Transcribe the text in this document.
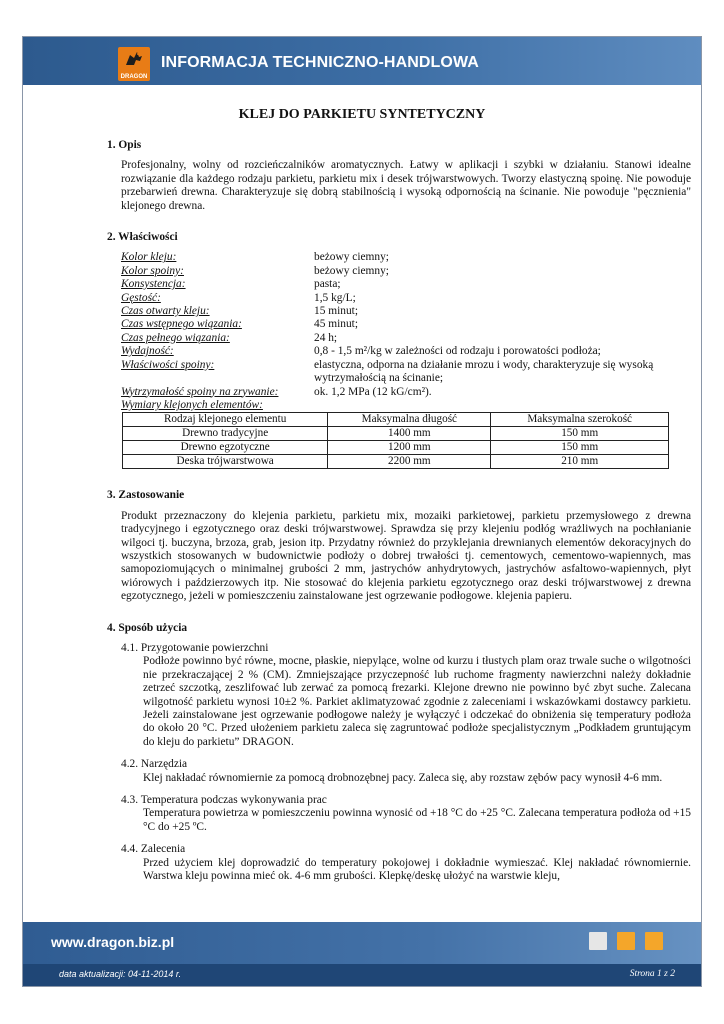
DRAGON
INFORMACJA TECHNICZNO-HANDLOWA
KLEJ DO PARKIETU SYNTETYCZNY
1. Opis
Profesjonalny, wolny od rozcieńczalników aromatycznych. Łatwy w aplikacji i szybki w działaniu. Stanowi idealne rozwiązanie dla każdego rodzaju parkietu, parkietu mix i desek trójwarstwowych. Tworzy elastyczną spoinę. Nie powoduje przebarwień drewna. Charakteryzuje się dobrą stabilnością i wysoką odpornością na ścinanie. Nie powoduje "pęcznienia" klejonego drewna.
2. Właściwości
Kolor kleju:	beżowy ciemny;
Kolor spoiny:	beżowy ciemny;
Konsystencja:	pasta;
Gęstość:	1,5 kg/L;
Czas otwarty kleju:	15 minut;
Czas wstępnego wiązania:	45 minut;
Czas pełnego wiązania:	24 h;
Wydajność:	0,8 - 1,5 m²/kg w zależności od rodzaju i porowatości podłoża;
Właściwości spoiny:	elastyczna, odporna na działanie mrozu i wody, charakteryzuje się wysoką wytrzymałością na ścinanie;
Wytrzymałość spoiny na zrywanie:	ok. 1,2 MPa (12 kG/cm²).
Wymiary klejonych elementów:
Rodzaj klejonego elementu	Maksymalna długość	Maksymalna szerokość
Drewno tradycyjne	1400 mm	150 mm
Drewno egzotyczne	1200 mm	150 mm
Deska trójwarstwowa	2200 mm	210 mm
3. Zastosowanie
Produkt przeznaczony do klejenia parkietu, parkietu mix, mozaiki parkietowej, parkietu przemysłowego z drewna tradycyjnego i egzotycznego oraz deski trójwarstwowej. Sprawdza się przy klejeniu podłóg wrażliwych na pochłanianie wilgoci tj. buczyna, brzoza, grab, jesion itp. Przydatny również do przyklejania drewnianych elementów dekoracyjnych do wszystkich stosowanych w budownictwie podłoży o dobrej trwałości tj. cementowych, cementowo-wapiennych, mas samopoziomujących o minimalnej grubości 2 mm, jastrychów anhydrytowych, jastrychów asfaltowo-wapiennych, płyt wiórowych i paździerzowych itp. Nie stosować do klejenia parkietu egzotycznego oraz deski trójwarstwowej z drewna egzotycznego, jeżeli w pomieszczeniu zainstalowane jest ogrzewanie podłogowe. klejenia papieru.
4. Sposób użycia
4.1. Przygotowanie powierzchni
Podłoże powinno być równe, mocne, płaskie, niepylące, wolne od kurzu i tłustych plam oraz trwale suche o wilgotności nie przekraczającej 2 % (CM). Zmniejszające przyczepność lub ruchome fragmenty nawierzchni należy dokładnie zetrzeć szczotką, zeszlifować lub zerwać za pomocą frezarki. Klejone drewno nie powinno być zbyt suche. Zalecana wilgotność parkietu wynosi 10±2 %. Parkiet aklimatyzować zgodnie z zaleceniami i wskazówkami dostawcy parkietu. Jeżeli zainstalowane jest ogrzewanie podłogowe należy je wyłączyć i odczekać do obniżenia się temperatury podłoża do około 20 °C. Przed ułożeniem parkietu zaleca się zagruntować podłoże specjalistycznym „Podkładem gruntującym do kleju do parkietu” DRAGON.
4.2. Narzędzia
Klej nakładać równomiernie za pomocą drobnozębnej pacy. Zaleca się, aby rozstaw zębów pacy wynosił 4-6 mm.
4.3. Temperatura podczas wykonywania prac
Temperatura powietrza w pomieszczeniu powinna wynosić od +18 °C do +25 °C. Zalecana temperatura podłoża od +15 °C do +25 ºC.
4.4. Zalecenia
Przed użyciem klej doprowadzić do temperatury pokojowej i dokładnie wymieszać. Klej nakładać równomiernie. Warstwa kleju powinna mieć ok. 4-6 mm grubości. Klepkę/deskę ułożyć na warstwie kleju,
www.dragon.biz.pl
data aktualizacji: 04-11-2014 r.	Strona 1 z 2
